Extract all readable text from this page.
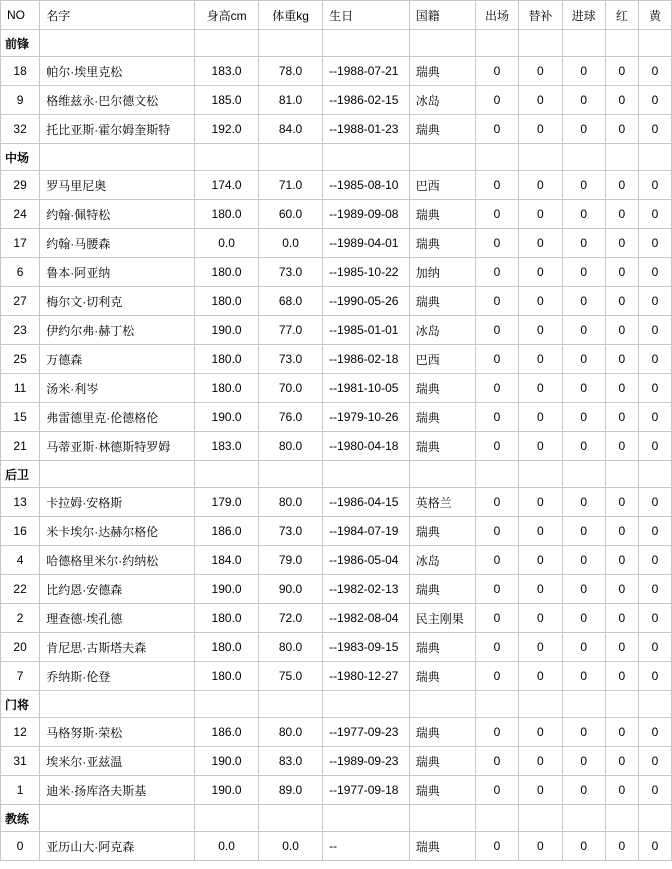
NO	名字	身高cm	体重kg	生日	国籍	出场	替补	进球	红	黄
前锋										
18	帕尔·埃里克松	183.0	78.0	--1988-07-21	瑞典	0	0	0	0	0
9	格维兹永·巴尔德文松	185.0	81.0	--1986-02-15	冰岛	0	0	0	0	0
32	托比亚斯·霍尔姆奎斯特	192.0	84.0	--1988-01-23	瑞典	0	0	0	0	0
中场										
29	罗马里尼奥	174.0	71.0	--1985-08-10	巴西	0	0	0	0	0
24	约翰·佩特松	180.0	60.0	--1989-09-08	瑞典	0	0	0	0	0
17	约翰·马腰森	0.0	0.0	--1989-04-01	瑞典	0	0	0	0	0
6	鲁本·阿亚纳	180.0	73.0	--1985-10-22	加纳	0	0	0	0	0
27	梅尔文·切利克	180.0	68.0	--1990-05-26	瑞典	0	0	0	0	0
23	伊约尔弗·赫丁松	190.0	77.0	--1985-01-01	冰岛	0	0	0	0	0
25	万德森	180.0	73.0	--1986-02-18	巴西	0	0	0	0	0
11	汤米·利岑	180.0	70.0	--1981-10-05	瑞典	0	0	0	0	0
15	弗雷德里克·伦德格伦	190.0	76.0	--1979-10-26	瑞典	0	0	0	0	0
21	马蒂亚斯·林德斯特罗姆	183.0	80.0	--1980-04-18	瑞典	0	0	0	0	0
后卫										
13	卡拉姆·安格斯	179.0	80.0	--1986-04-15	英格兰	0	0	0	0	0
16	米卡埃尔·达赫尔格伦	186.0	73.0	--1984-07-19	瑞典	0	0	0	0	0
4	哈德格里米尔·约纳松	184.0	79.0	--1986-05-04	冰岛	0	0	0	0	0
22	比约恩·安德森	190.0	90.0	--1982-02-13	瑞典	0	0	0	0	0
2	理查德·埃孔德	180.0	72.0	--1982-08-04	民主刚果	0	0	0	0	0
20	肯尼思·古斯塔夫森	180.0	80.0	--1983-09-15	瑞典	0	0	0	0	0
7	乔纳斯·伦登	180.0	75.0	--1980-12-27	瑞典	0	0	0	0	0
门将										
12	马格努斯·荣松	186.0	80.0	--1977-09-23	瑞典	0	0	0	0	0
31	埃米尔·亚兹温	190.0	83.0	--1989-09-23	瑞典	0	0	0	0	0
1	迪米·扬库洛夫斯基	190.0	89.0	--1977-09-18	瑞典	0	0	0	0	0
教练										
0	亚历山大·阿克森	0.0	0.0	--	瑞典	0	0	0	0	0
